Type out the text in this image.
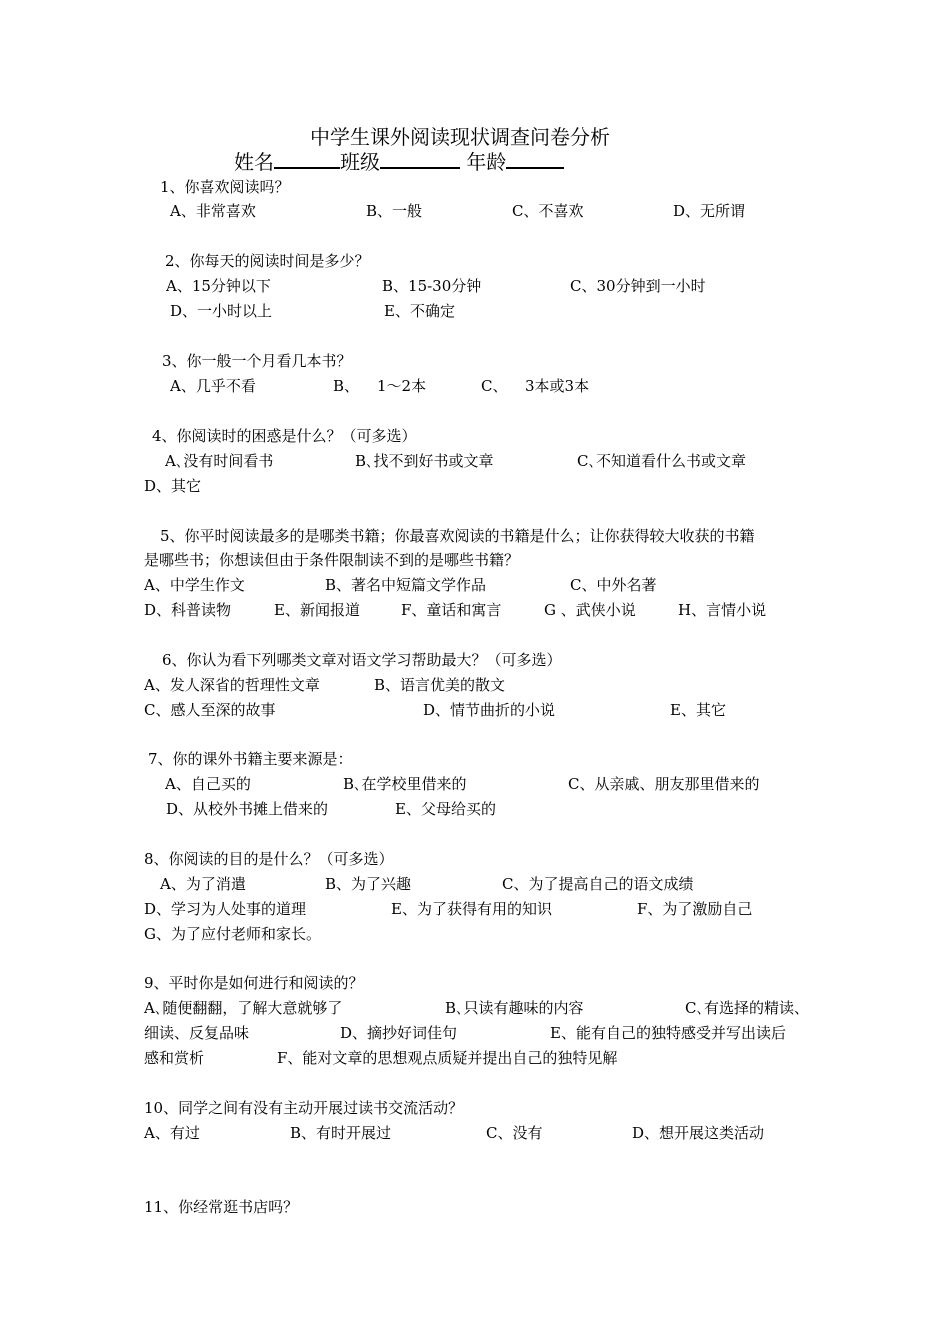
中学生课外阅读现状调查问卷分析
姓名	班级	年龄
1、你喜欢阅读吗？
A、非常喜欢	B、一般	C、不喜欢	D、无所谓
2、你每天的阅读时间是多少？
A、15分钟以下	B、15-30分钟	C、30分钟到一小时
D、一小时以上	E、不确定
3、你一般一个月看几本书？
A、几乎不看	B、 1～2本	C、 3本或3本
4、你阅读时的困惑是什么？（可多选）
A､没有时间看书	B､找不到好书或文章	C､不知道看什么书或文章
D、其它
5、你平时阅读最多的是哪类书籍；你最喜欢阅读的书籍是什么；让你获得较大收获的书籍
是哪些书；你想读但由于条件限制读不到的是哪些书籍？
A、中学生作文	B、著名中短篇文学作品	C、中外名著
D、科普读物	E、新闻报道	F、童话和寓言	G 、武侠小说	H、言情小说
6、你认为看下列哪类文章对语文学习帮助最大？（可多选）
A、发人深省的哲理性文章	B、语言优美的散文
C、感人至深的故事	D、情节曲折的小说	E、其它
7、你的课外书籍主要来源是：
A、自己买的	B､在学校里借来的	C、从亲戚、朋友那里借来的
D、从校外书摊上借来的	E、父母给买的
8、你阅读的目的是什么？（可多选）
A、为了消遣	B、为了兴趣	C、为了提高自己的语文成绩
D、学习为人处事的道理	E、为了获得有用的知识	F、为了激励自己
G、为了应付老师和家长。
9、平时你是如何进行和阅读的？
A､随便翻翻，了解大意就够了	B､只读有趣味的内容	C､有选择的精读、
细读、反复品味	D、摘抄好词佳句	E、能有自己的独特感受并写出读后
感和赏析	F、能对文章的思想观点质疑并提出自己的独特见解
10、同学之间有没有主动开展过读书交流活动？
A、有过	B、有时开展过	C、没有	D、想开展这类活动
11、你经常逛书店吗？
